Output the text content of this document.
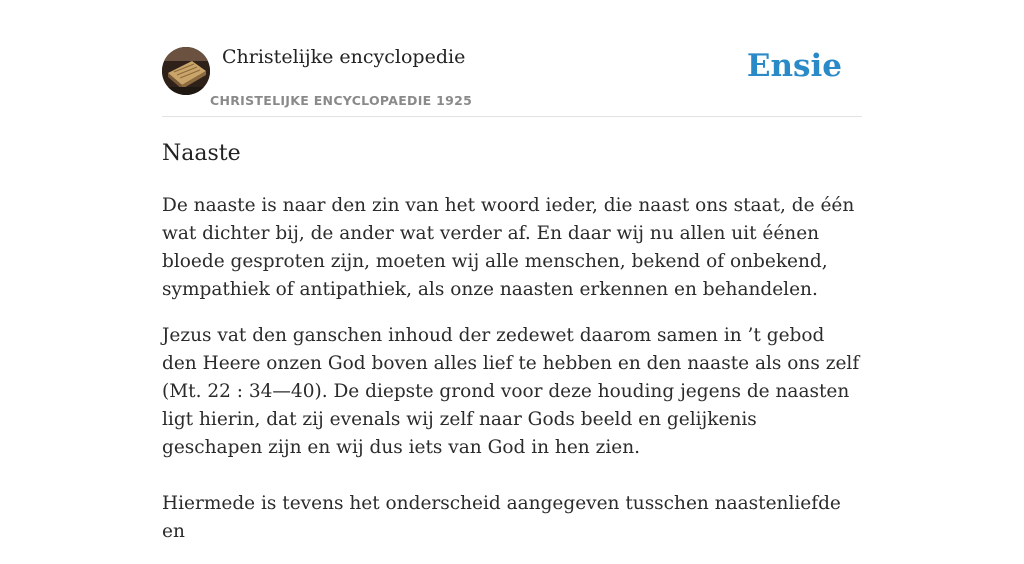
Christelijke encyclopedie
CHRISTELIJKE ENCYCLOPAEDIE 1925
Ensie
Naaste

De naaste is naar den zin van het woord ieder, die naast ons staat, de één wat dichter bij, de ander wat verder af. En daar wij nu allen uit éénen bloede gesproten zijn, moeten wij alle menschen, bekend of onbekend, sympathiek of antipathiek, als onze naasten erkennen en behandelen.

Jezus vat den ganschen inhoud der zedewet daarom samen in ’t gebod den Heere onzen God boven alles lief te hebben en den naaste als ons zelf (Mt. 22 : 34—40). De diepste grond voor deze houding jegens de naasten ligt hierin, dat zij evenals wij zelf naar Gods beeld en gelijkenis geschapen zijn en wij dus iets van God in hen zien.

Hiermede is tevens het onderscheid aangegeven tusschen naastenliefde en
